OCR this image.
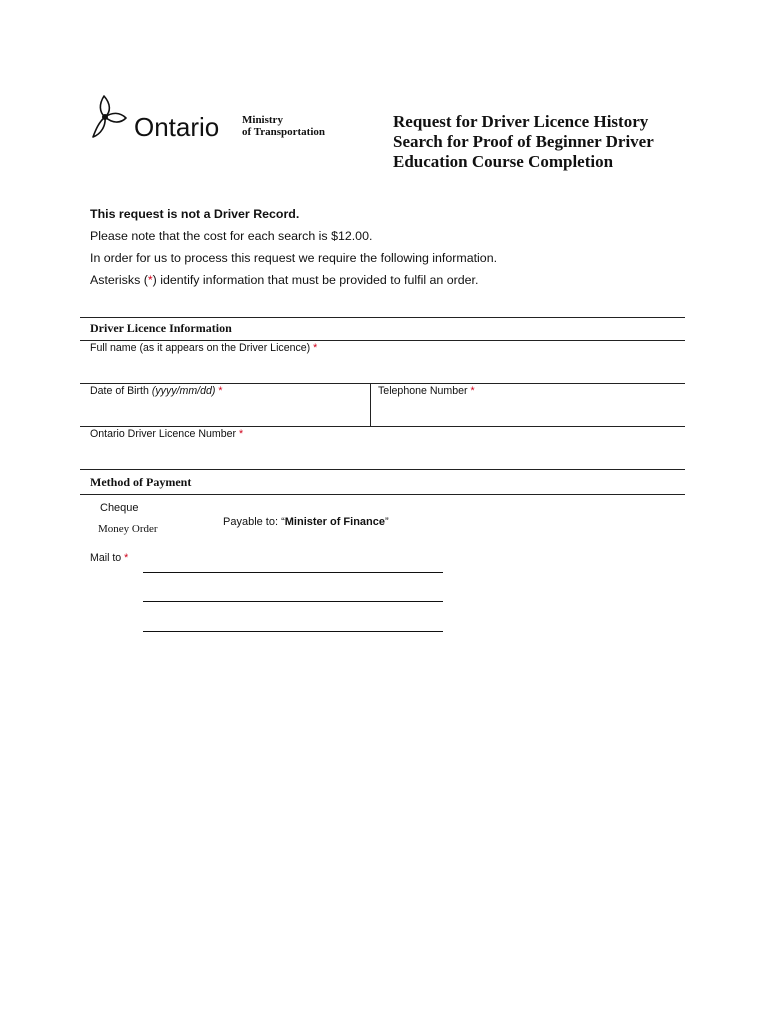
Ontario Ministry
of Transportation
Request for Driver Licence History
Search for Proof of Beginner Driver
Education Course Completion

This request is not a Driver Record.

Please note that the cost for each search is $12.00.

In order for us to process this request we require the following information.

Asterisks (*) identify information that must be provided to fulfil an order.

Driver Licence Information
Full name (as it appears on the Driver Licence) *
Date of Birth (yyyy/mm/dd) *	Telephone Number *
Ontario Driver Licence Number *
Method of Payment
Cheque
Money Order
Payable to: “Minister of Finance”
Mail to *
